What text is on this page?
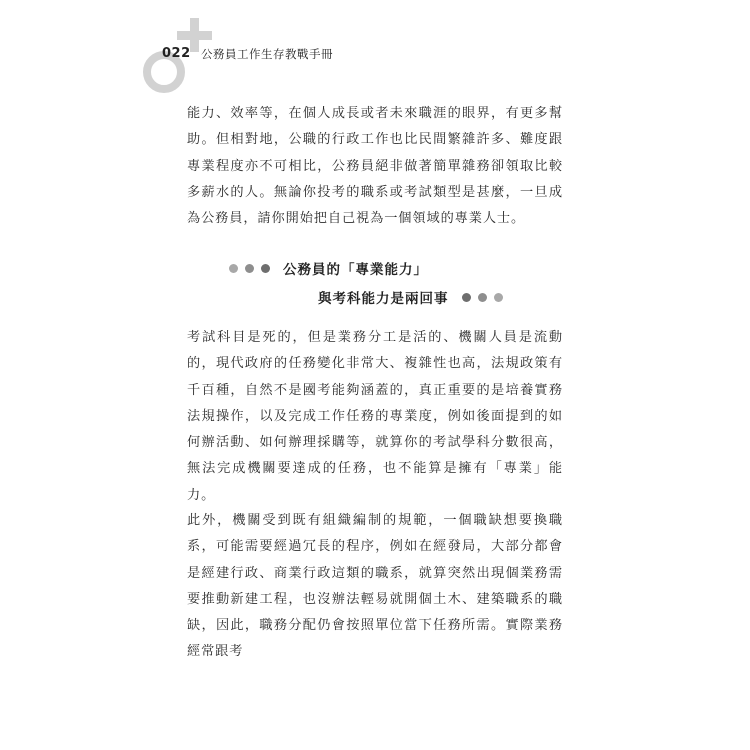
022 公務員工作生存教戰手冊

能力、效率等，在個人成長或者未來職涯的眼界，有更多幫助。但相對地，公職的行政工作也比民間繁雜許多、難度跟專業程度亦不可相比，公務員絕非做著簡單雜務卻領取比較多薪水的人。無論你投考的職系或考試類型是甚麼，一旦成為公務員，請你開始把自己視為一個領域的專業人士。

公務員的「專業能力」
與考科能力是兩回事

考試科目是死的，但是業務分工是活的、機關人員是流動的，現代政府的任務變化非常大、複雜性也高，法規政策有千百種，自然不是國考能夠涵蓋的，真正重要的是培養實務法規操作，以及完成工作任務的專業度，例如後面提到的如何辦活動、如何辦理採購等，就算你的考試學科分數很高，無法完成機關要達成的任務，也不能算是擁有「專業」能力。

此外，機關受到既有組織編制的規範，一個職缺想要換職系，可能需要經過冗長的程序，例如在經發局，大部分都會是經建行政、商業行政這類的職系，就算突然出現個業務需要推動新建工程，也沒辦法輕易就開個土木、建築職系的職缺，因此，職務分配仍會按照單位當下任務所需。實際業務經常跟考
